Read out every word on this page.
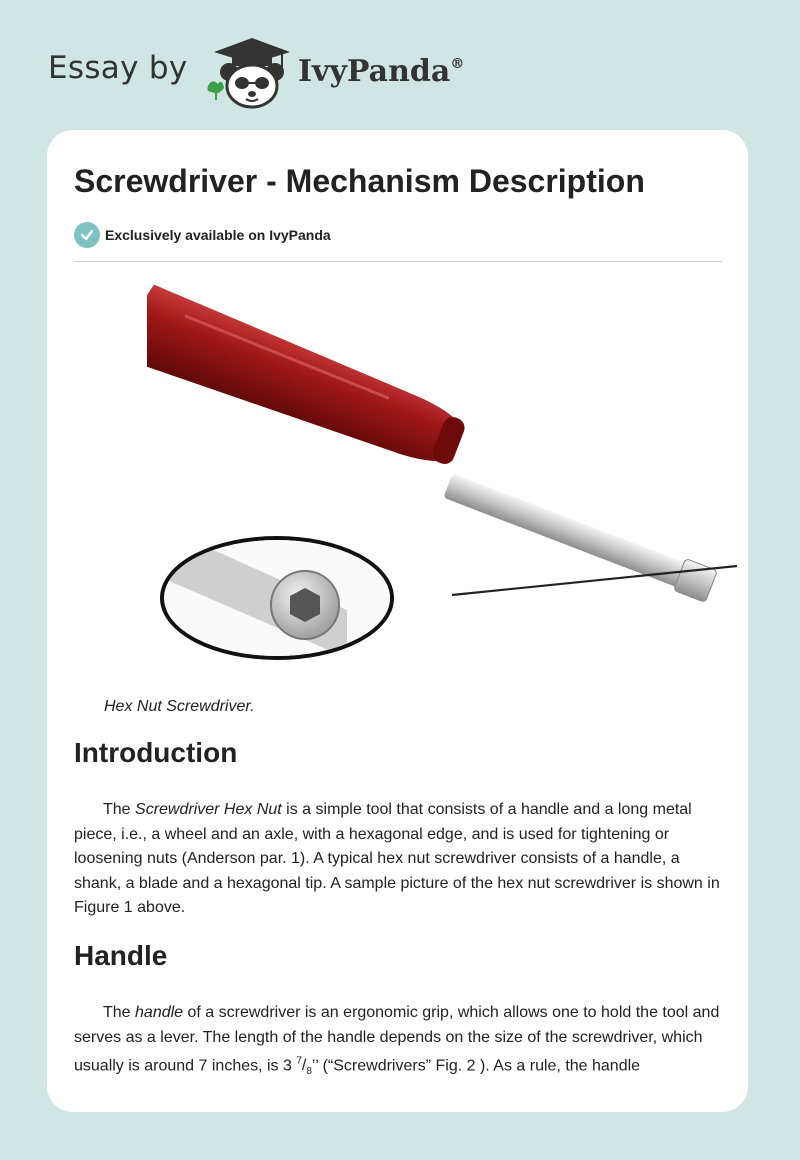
Essay by	IvyPanda®
Screwdriver - Mechanism Description
Exclusively available on IvyPanda
Hex Nut Screwdriver.
Introduction

The Screwdriver Hex Nut is a simple tool that consists of a handle and a long metal piece, i.e., a wheel and an axle, with a hexagonal edge, and is used for tightening or loosening nuts (Anderson par. 1). A typical hex nut screwdriver consists of a handle, a shank, a blade and a hexagonal tip. A sample picture of the hex nut screwdriver is shown in Figure 1 above.

Handle

The handle of a screwdriver is an ergonomic grip, which allows one to hold the tool and serves as a lever. The length of the handle depends on the size of the screwdriver, which usually is around 7 inches, is 3 $^7/_8$’’ (“Screwdrivers” Fig. 2 ). As a rule, the handle
